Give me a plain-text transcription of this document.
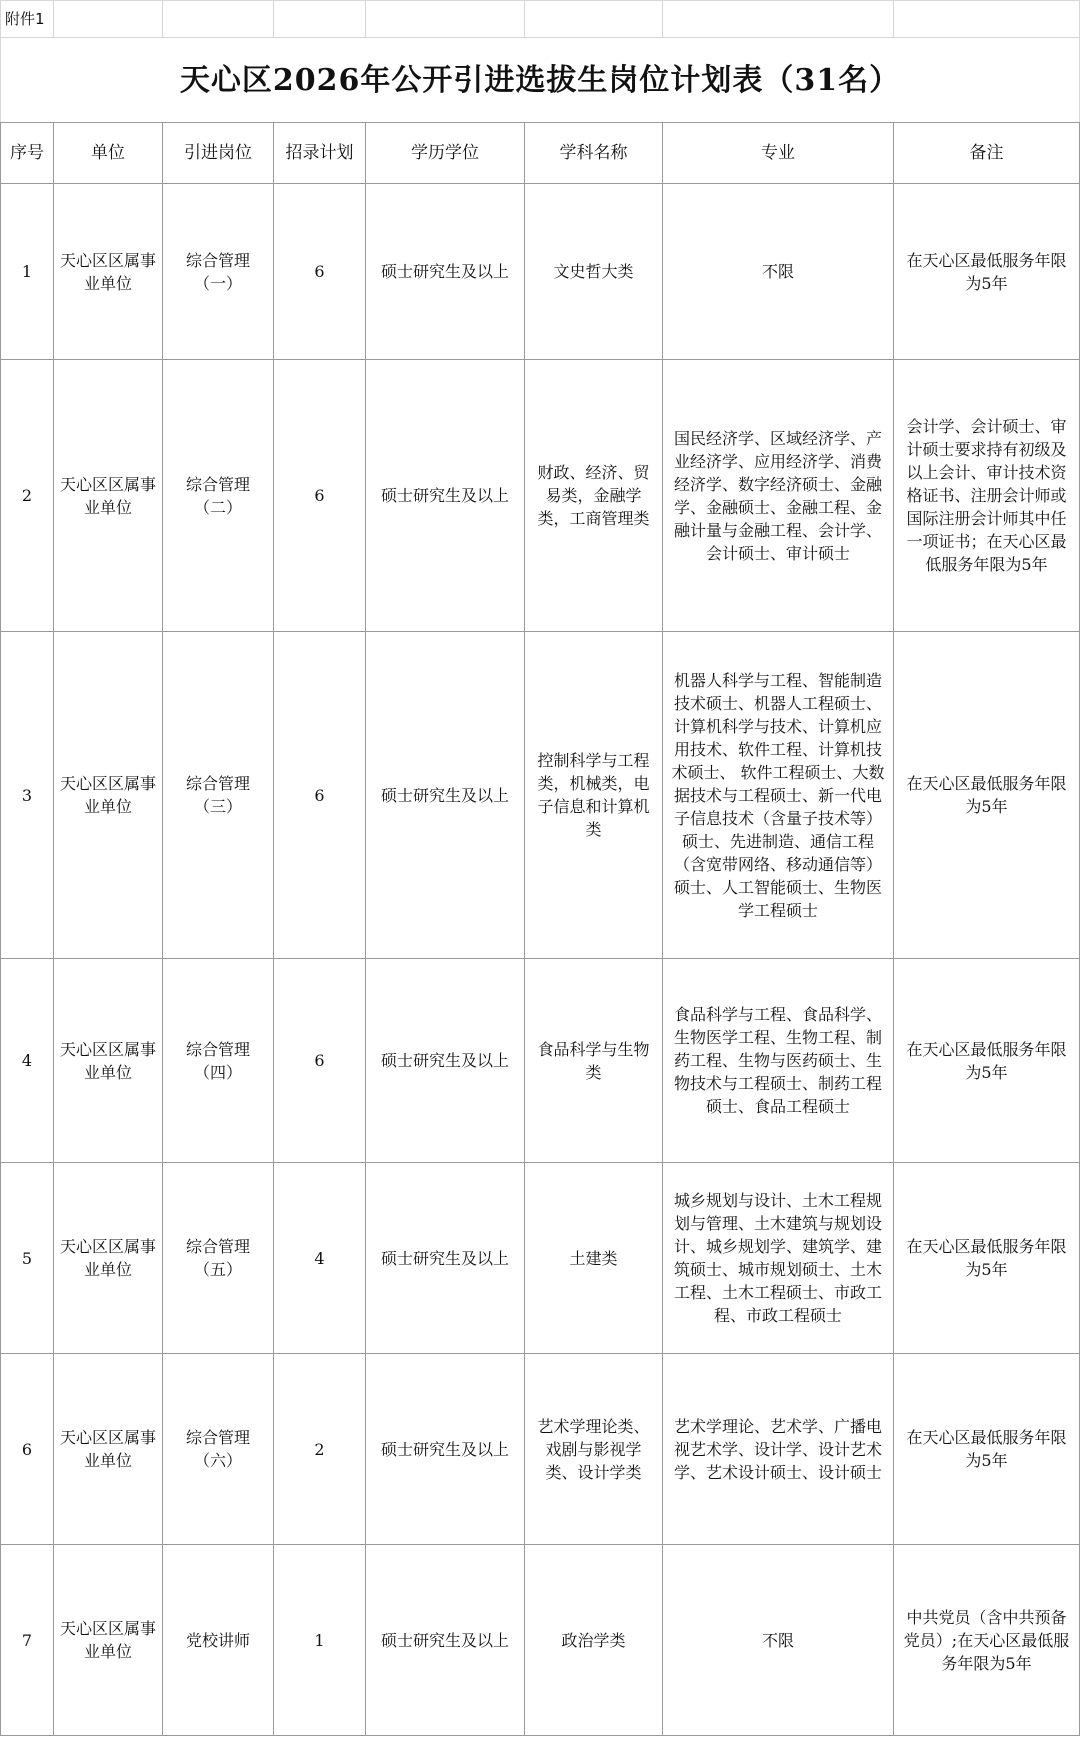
附件1							
天心区2026年公开引进选拔生岗位计划表（31名）							
序号	单位	引进岗位	招录计划	学历学位	学科名称	专业	备注
1	天心区区属事业单位	综合管理（一）	6	硕士研究生及以上	文史哲大类	不限	在天心区最低服务年限为5年
2	天心区区属事业单位	综合管理（二）	6	硕士研究生及以上	财政、经济、贸易类，金融学类，工商管理类	国民经济学、区域经济学、产业经济学、应用经济学、消费经济学、数字经济硕士、金融学、金融硕士、金融工程、金融计量与金融工程、会计学、会计硕士、审计硕士	会计学、会计硕士、审计硕士要求持有初级及以上会计、审计技术资格证书、注册会计师或国际注册会计师其中任一项证书；在天心区最低服务年限为5年
3	天心区区属事业单位	综合管理（三）	6	硕士研究生及以上	控制科学与工程类，机械类，电子信息和计算机类	机器人科学与工程、智能制造技术硕士、机器人工程硕士、计算机科学与技术、计算机应用技术、软件工程、计算机技术硕士、 软件工程硕士、大数据技术与工程硕士、新一代电子信息技术（含量子技术等）硕士、先进制造、通信工程（含宽带网络、移动通信等）硕士、人工智能硕士、生物医学工程硕士	在天心区最低服务年限为5年
4	天心区区属事业单位	综合管理（四）	6	硕士研究生及以上	食品科学与生物类	食品科学与工程、食品科学、生物医学工程、生物工程、制药工程、生物与医药硕士、生物技术与工程硕士、制药工程硕士、食品工程硕士	在天心区最低服务年限为5年
5	天心区区属事业单位	综合管理（五）	4	硕士研究生及以上	土建类	城乡规划与设计、土木工程规划与管理、土木建筑与规划设计、城乡规划学、建筑学、建筑硕士、城市规划硕士、土木工程、土木工程硕士、市政工程、市政工程硕士	在天心区最低服务年限为5年
6	天心区区属事业单位	综合管理（六）	2	硕士研究生及以上	艺术学理论类、戏剧与影视学类、设计学类	艺术学理论、艺术学、广播电视艺术学、设计学、设计艺术学、艺术设计硕士、设计硕士	在天心区最低服务年限为5年
7	天心区区属事业单位	党校讲师	1	硕士研究生及以上	政治学类	不限	中共党员（含中共预备党员）;在天心区最低服务年限为5年
